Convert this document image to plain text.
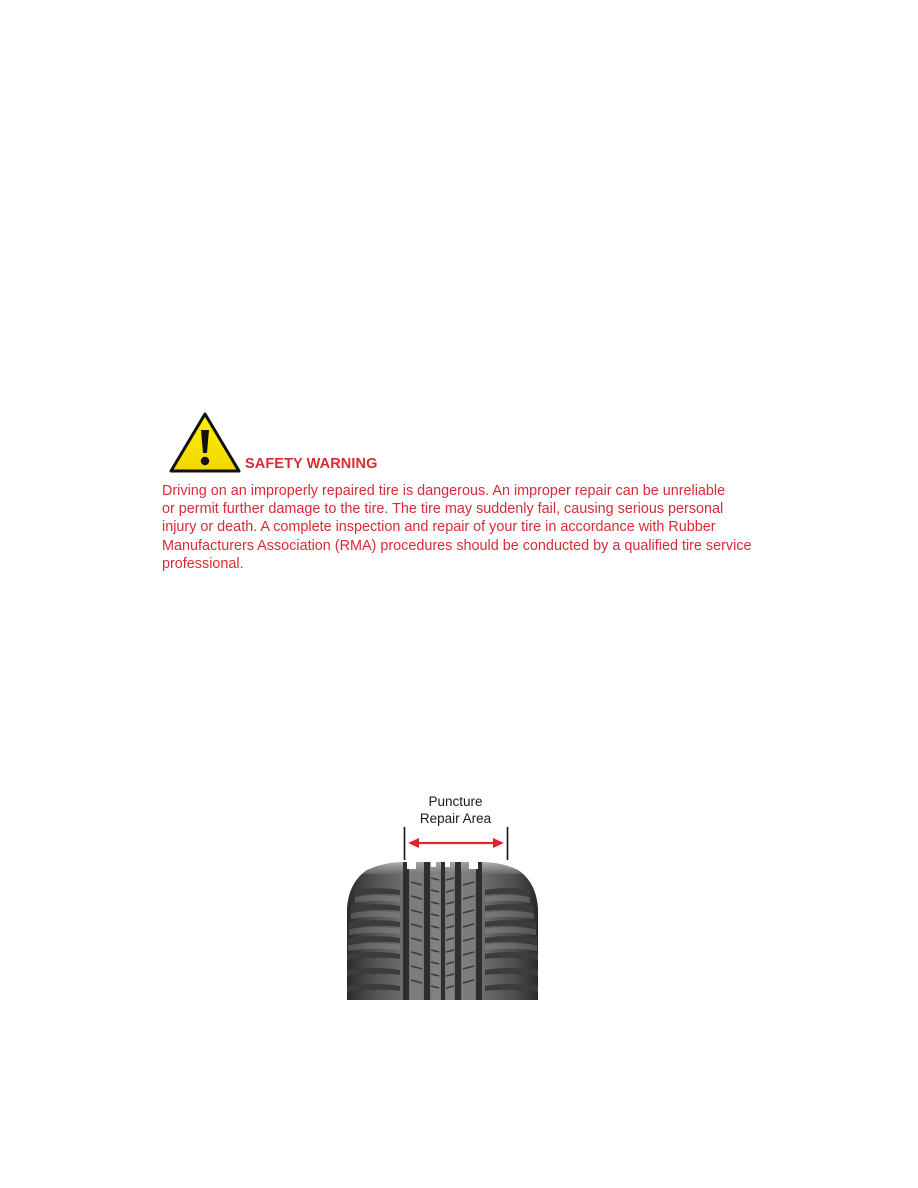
SAFETY WARNING
Driving on an improperly repaired tire is dangerous. An improper repair can be unreliable
or permit further damage to the tire. The tire may suddenly fail, causing serious personal
injury or death. A complete inspection and repair of your tire in accordance with Rubber
Manufacturers Association (RMA) procedures should be conducted by a qualified tire service
professional.
Puncture
Repair Area
